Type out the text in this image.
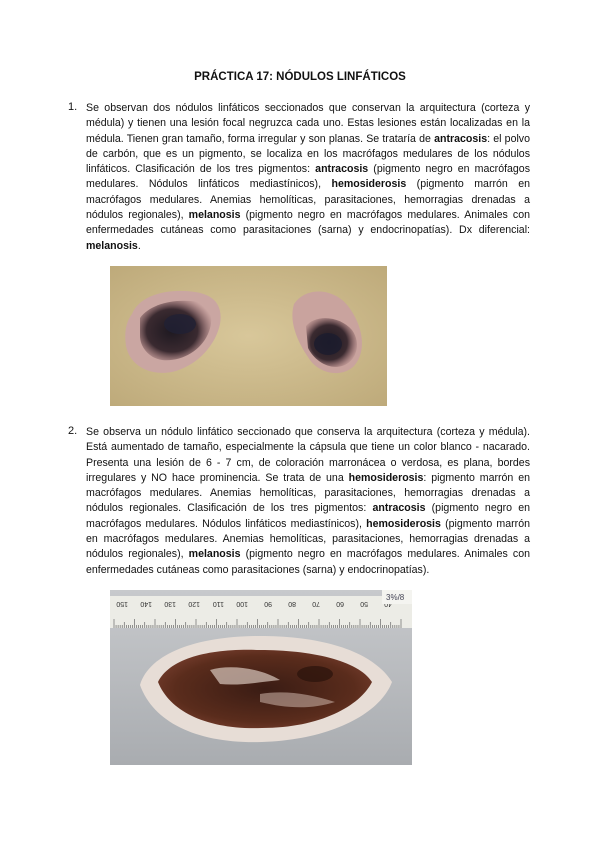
PRÁCTICA 17: NÓDULOS LINFÁTICOS
1. Se observan dos nódulos linfáticos seccionados que conservan la arquitectura (corteza y médula) y tienen una lesión focal negruzca cada uno. Estas lesiones están localizadas en la médula. Tienen gran tamaño, forma irregular y son planas. Se trataría de antracosis: el polvo de carbón, que es un pigmento, se localiza en los macrófagos medulares de los nódulos linfáticos. Clasificación de los tres pigmentos: antracosis (pigmento negro en macrófagos medulares. Nódulos linfáticos mediastínicos), hemosiderosis (pigmento marrón en macrófagos medulares. Anemias hemolíticas, parasitaciones, hemorragias drenadas a nódulos regionales), melanosis (pigmento negro en macrófagos medulares. Animales con enfermedades cutáneas como parasitaciones (sarna) y endocrinopatías). Dx diferencial: melanosis.

2. Se observa un nódulo linfático seccionado que conserva la arquitectura (corteza y médula). Está aumentado de tamaño, especialmente la cápsula que tiene un color blanco - nacarado. Presenta una lesión de 6 - 7 cm, de coloración marronácea o verdosa, es plana, bordes irregulares y NO hace prominencia. Se trata de una hemosiderosis: pigmento marrón en macrófagos medulares. Anemias hemolíticas, parasitaciones, hemorragias drenadas a nódulos regionales. Clasificación de los tres pigmentos: antracosis (pigmento negro en macrófagos medulares. Nódulos linfáticos mediastínicos), hemosiderosis (pigmento marrón en macrófagos medulares. Anemias hemolíticas, parasitaciones, hemorragias drenadas a nódulos regionales), melanosis (pigmento negro en macrófagos medulares. Animales con enfermedades cutáneas como parasitaciones (sarna) y endocrinopatías).

150 140 130 120 110 100 90 80 70 60 50
3%/8
